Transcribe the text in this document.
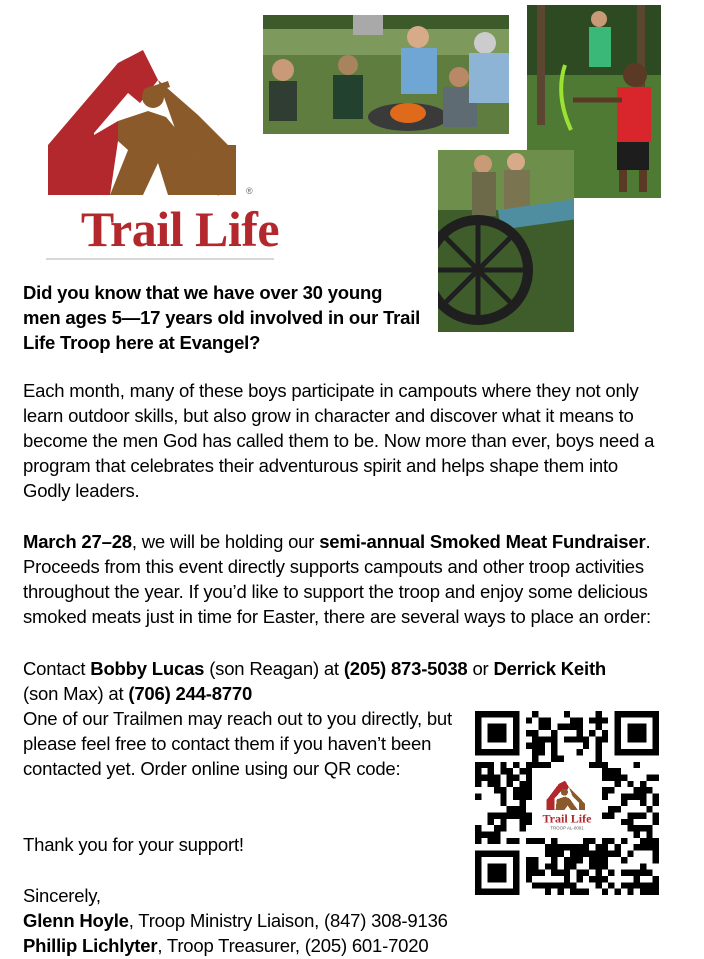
Trail Life
®
Did you know that we have over 30 young
men ages 5—17 years old involved in our Trail
Life Troop here at Evangel?
Each month, many of these boys participate in campouts where they not only
learn outdoor skills, but also grow in character and discover what it means to
become the men God has called them to be. Now more than ever, boys need a
program that celebrates their adventurous spirit and helps shape them into
Godly leaders.
March 27–28, we will be holding our semi-annual Smoked Meat Fundraiser.
Proceeds from this event directly supports campouts and other troop activities
throughout the year. If you’d like to support the troop and enjoy some delicious
smoked meats just in time for Easter, there are several ways to place an order:
Contact Bobby Lucas (son Reagan) at (205) 873-5038 or Derrick Keith
(son Max) at (706) 244-8770
One of our Trailmen may reach out to you directly, but
please feel free to contact them if you haven’t been
contacted yet. Order online using our QR code:
Thank you for your support!
Sincerely,
Glenn Hoyle, Troop Ministry Liaison, (847) 308-9136
Phillip Lichlyter, Troop Treasurer, (205) 601-7020
Trail Life
